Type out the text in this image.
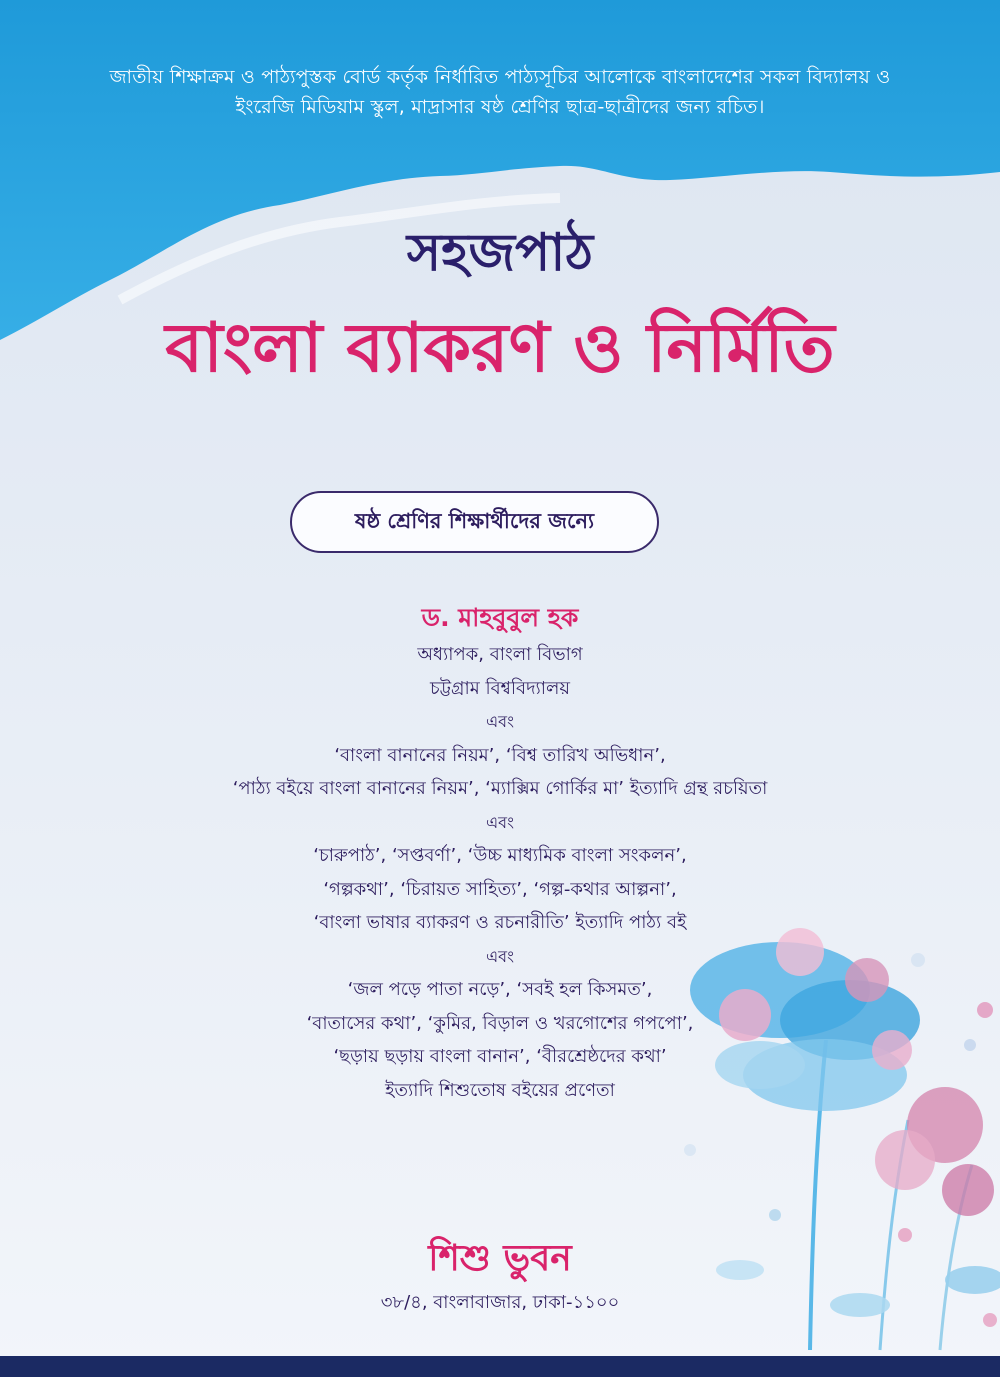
জাতীয় শিক্ষাক্রম ও পাঠ্যপুস্তক বোর্ড কর্তৃক নির্ধারিত পাঠ্যসূচির আলোকে বাংলাদেশের সকল বিদ্যালয় ও

ইংরেজি মিডিয়াম স্কুল, মাদ্রাসার ষষ্ঠ শ্রেণির ছাত্র-ছাত্রীদের জন্য রচিত।

সহজপাঠ
বাংলা ব্যাকরণ ও নির্মিতি
ষষ্ঠ শ্রেণির শিক্ষার্থীদের জন্যে
ড. মাহবুবুল হক

অধ্যাপক, বাংলা বিভাগ

চট্টগ্রাম বিশ্ববিদ্যালয়

এবং

‘বাংলা বানানের নিয়ম’, ‘বিশ্ব তারিখ অভিধান’,

‘পাঠ্য বইয়ে বাংলা বানানের নিয়ম’, ‘ম্যাক্সিম গোর্কির মা’ ইত্যাদি গ্রন্থ রচয়িতা

এবং

‘চারুপাঠ’, ‘সপ্তবর্ণা’, ‘উচ্চ মাধ্যমিক বাংলা সংকলন’,

‘গল্পকথা’, ‘চিরায়ত সাহিত্য’, ‘গল্প-কথার আল্পনা’,

‘বাংলা ভাষার ব্যাকরণ ও রচনারীতি’ ইত্যাদি পাঠ্য বই

এবং

‘জল পড়ে পাতা নড়ে’, ‘সবই হল কিসমত’,

‘বাতাসের কথা’, ‘কুমির, বিড়াল ও খরগোশের গপপো’,

‘ছড়ায় ছড়ায় বাংলা বানান’, ‘বীরশ্রেষ্ঠদের কথা’

ইত্যাদি শিশুতোষ বইয়ের প্রণেতা

শিশু ভুবন
৩৮/৪, বাংলাবাজার, ঢাকা-১১০০
